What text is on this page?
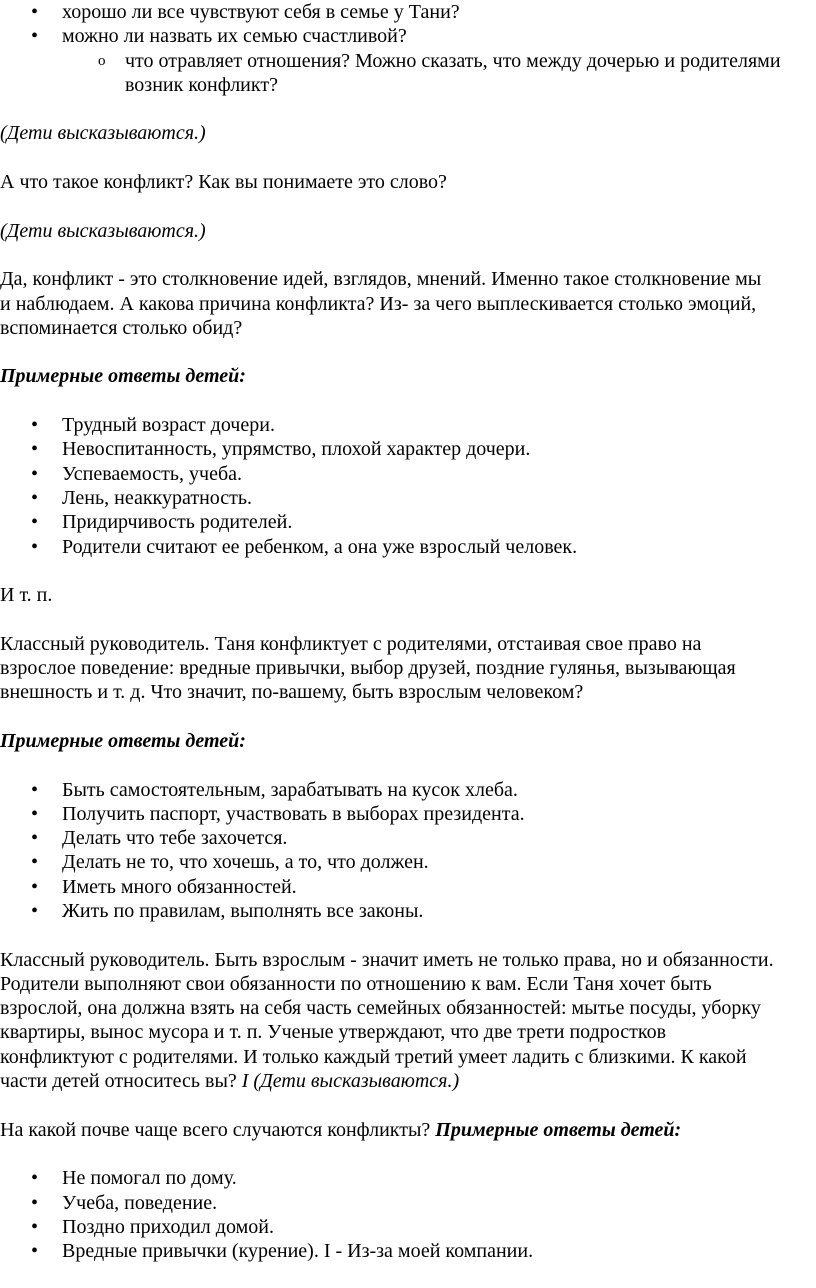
• хорошо ли все чувствуют себя в семье у Тани?
• можно ли назвать их семью счастливой?
o что отравляет отношения? Можно сказать, что между дочерью и родителями
возник конфликт?

(Дети высказываются.)

А что такое конфликт? Как вы понимаете это слово?

(Дети высказываются.)

Да, конфликт - это столкновение идей, взглядов, мнений. Именно такое столкновение мы
и наблюдаем. А какова причина конфликта? Из- за чего выплескивается столько эмоций,
вспоминается столько обид?

Примерные ответы детей:

• Трудный возраст дочери.
• Невоспитанность, упрямство, плохой характер дочери.
• Успеваемость, учеба.
• Лень, неаккуратность.
• Придирчивость родителей.
• Родители считают ее ребенком, а она уже взрослый человек.

И т. п.

Классный руководитель. Таня конфликтует с родителями, отстаивая свое право на
взрослое поведение: вредные привычки, выбор друзей, поздние гулянья, вызывающая
внешность и т. д. Что значит, по-вашему, быть взрослым человеком?

Примерные ответы детей:

• Быть самостоятельным, зарабатывать на кусок хлеба.
• Получить паспорт, участвовать в выборах президента.
• Делать что тебе захочется.
• Делать не то, что хочешь, а то, что должен.
• Иметь много обязанностей.
• Жить по правилам, выполнять все законы.

Классный руководитель. Быть взрослым - значит иметь не только права, но и обязанности.
Родители выполняют свои обязанности по отношению к вам. Если Таня хочет быть
взрослой, она должна взять на себя часть семейных обязанностей: мытье посуды, уборку
квартиры, вынос мусора и т. п. Ученые утверждают, что две трети подростков
конфликтуют с родителями. И только каждый третий умеет ладить с близкими. К какой
части детей относитесь вы? I (Дети высказываются.)

На какой почве чаще всего случаются конфликты? Примерные ответы детей:

• Не помогал по дому.
• Учеба, поведение.
• Поздно приходил домой.
• Вредные привычки (курение). I - Из-за моей компании.
